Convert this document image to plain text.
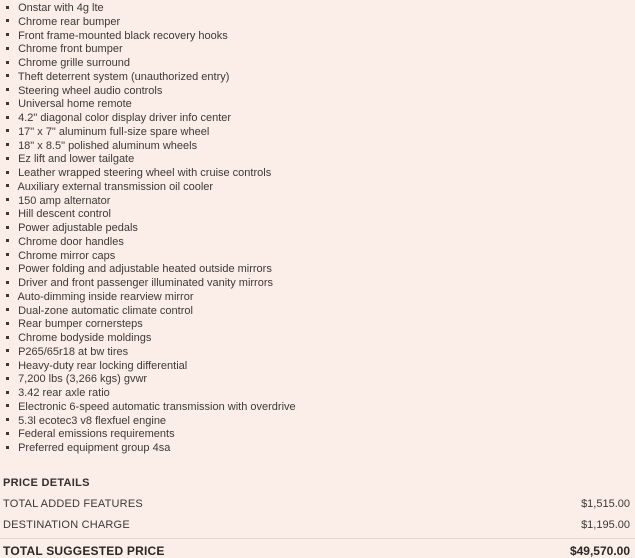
Onstar with 4g lte
Chrome rear bumper
Front frame-mounted black recovery hooks
Chrome front bumper
Chrome grille surround
Theft deterrent system (unauthorized entry)
Steering wheel audio controls
Universal home remote
4.2" diagonal color display driver info center
17" x 7" aluminum full-size spare wheel
18" x 8.5" polished aluminum wheels
Ez lift and lower tailgate
Leather wrapped steering wheel with cruise controls
Auxiliary external transmission oil cooler
150 amp alternator
Hill descent control
Power adjustable pedals
Chrome door handles
Chrome mirror caps
Power folding and adjustable heated outside mirrors
Driver and front passenger illuminated vanity mirrors
Auto-dimming inside rearview mirror
Dual-zone automatic climate control
Rear bumper cornersteps
Chrome bodyside moldings
P265/65r18 at bw tires
Heavy-duty rear locking differential
7,200 lbs (3,266 kgs) gvwr
3.42 rear axle ratio
Electronic 6-speed automatic transmission with overdrive
5.3l ecotec3 v8 flexfuel engine
Federal emissions requirements
Preferred equipment group 4sa
PRICE DETAILS
TOTAL ADDED FEATURES	$1,515.00
DESTINATION CHARGE	$1,195.00
TOTAL SUGGESTED PRICE	$49,570.00
